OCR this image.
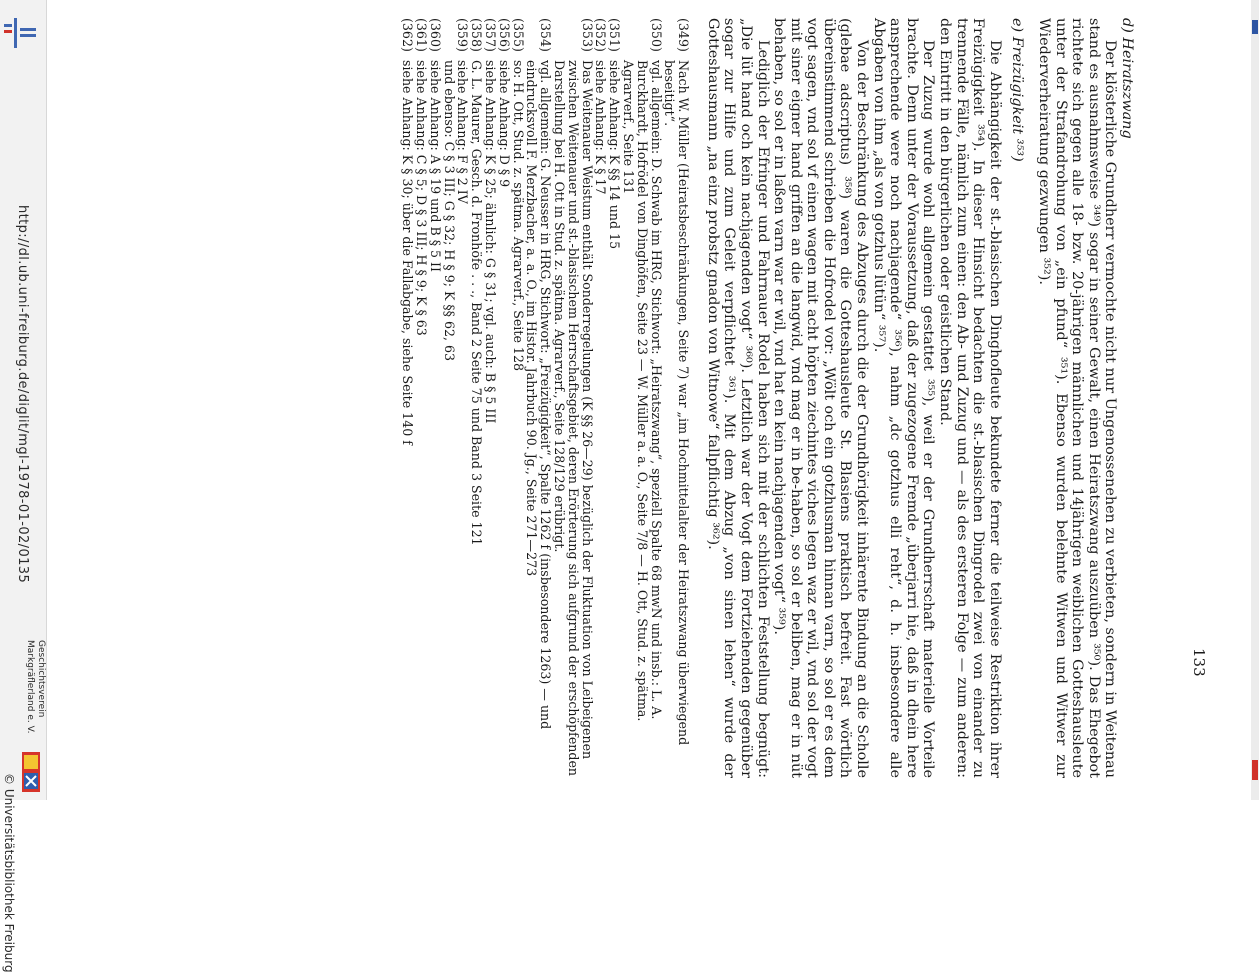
http://dl.ub.uni-freiburg.de/diglit/mgl-1978-01-02/0135
© Universitätsbibliothek Freiburg
Geschichtsverein
Markgräflerland e. V.

d) Heiratszwang

Der klösterliche Grundherr vermochte nicht nur Ungenossenehen zu verbieten, sondern in Weitenau stand es ausnahmsweise ³⁴⁹) sogar in seiner Gewalt, einen Heiratszwang auszuüben ³⁵⁰). Das Ehegebot richtete sich gegen alle 18- bzw. 20-jährigen männlichen und 14jährigen weiblichen Gotteshausleute unter der Strafandrohung von „ein pfund“ ³⁵¹). Ebenso wurden belehnte Witwen und Witwer zur Wiederverheiratung gezwungen ³⁵²).

e) Freizügigkeit ³⁵³)

Die Abhängigkeit der st.-blasischen Dinghofleute bekundete ferner die teilweise Restriktion ihrer Freizügigkeit ³⁵⁴). In dieser Hinsicht bedachten die st.-blasischen Dingrodel zwei von einander zu trennende Fälle, nämlich zum einen: den Ab- und Zuzug und — als des ersteren Folge — zum anderen: den Eintritt in den bürgerlichen oder geistlichen Stand.

Der Zuzug wurde wohl allgemein gestattet ³⁵⁵), weil er der Grundherrschaft materielle Vorteile brachte. Denn unter der Voraussetzung, daß der zugezogene Fremde „überjarri hie, daß in dhein here ansprechende were noch nachjagende“ ³⁵⁶), nahm „dc gotzhus elli reht“, d. h. insbesondere alle Abgaben von ihm „als von gotzhus lütün“ ³⁵⁷).

Von der Beschränkung des Abzuges durch die der Grundhörigkeit inhärente Bindung an die Scholle (glebae adscriptus) ³⁵⁸) waren die Gotteshausleute St. Blasiens praktisch befreit. Fast wörtlich übereinstimmend schrieben die Hofrodel vor: „Wölt och ein gotzhusman hinnan varn, so sol er es dem vogt sagen, vnd sol vf einen wagen mit acht höpten ziechintes viches legen waz er wil, vnd sol der vogt mit siner eigner hand griffen an die langwid, vnd mag er in be-haben, so sol er beliben, mag er in nüt behaben, so sol er in laßen varn war er wil, vnd hat en kein nachjagenden vogt“ ³⁵⁹).

Lediglich der Efringer und Fahrnauer Rodel haben sich mit der schlichten Feststellung begnügt: „Die lüt hand och kein nachjagenden vogt“ ³⁶⁰). Letztlich war der Vogt dem Fortziehenden gegenüber sogar zur Hilfe und zum Geleit verpflichtet ³⁶¹). Mit dem Abzug „von sinen lehen“ wurde der Gotteshausmann „na einz probstz gnadon von Witnowe“ fallpflichtig ³⁶²).

(349)
Nach W. Müller (Heiratsbeschränkungen, Seite 7) war „im Hochmittelalter der Heiratszwang überwiegend beseitigt“.
(350)
vgl. allgemein: D. Schwab im HRG, Stichwort: „Heiratszwang“, speziell Spalte 68 mwN und insb.: L. A. Burckhardt, Hofrödel von Dinghöfen, Seite 23 — W. Müller a. a. O., Seite 7/8 — H. Ott, Stud. z. spätma. Agrarverf., Seite 131
(351)
siehe Anhang: K §§ 14 und 15
(352)
siehe Anhang: K § 17
(353)
Das Weitenauer Weistum enthält Sonderregelungen (K §§ 26—29) bezüglich der Fluktuation von Leibeigenen zwischen Weitenauer und st.-blasischem Herrschaftsgebiet, deren Erörterung sich aufgrund der erschöpfenden Darstellung bei H. Ott in Stud. z. spätma. Agrarverf., Seite 128/129 erübrigt.
(354)
vgl. allgemein: G. Neusser in HRG, Stichwort: „Freizügigkeit“, Spalte 1262 f (insbesondere 1263) — und eindrucksvoll F. Merzbacher, a. a. O., im Histor. Jahrbuch 90. Jg., Seite 271—273
(355)
so: H. Ott, Stud. z. spätma. Agrarverf., Seite 128
(356)
siehe Anhang: D § 9
(357)
siehe Anhang: K § 25; ähnlich: G § 31; vgl. auch: B § 5 III
(358)
G. L. Maurer, Gesch. d. Fronhöfe . . ., Band 2 Seite 75 und Band 3 Seite 121
(359)
siehe Anhang: F § 2 IV
und ebenso: C § 3 III; G § 32; H § 9; K §§ 62, 63
(360)
siehe Anhang: A § 19 und B § 5 II
(361)
siehe Anhang: C § 5; D § 3 III; H § 9; K § 63
(362)
siehe Anhang: K § 30; über die Fallabgabe, siehe Seite 140 f
133
